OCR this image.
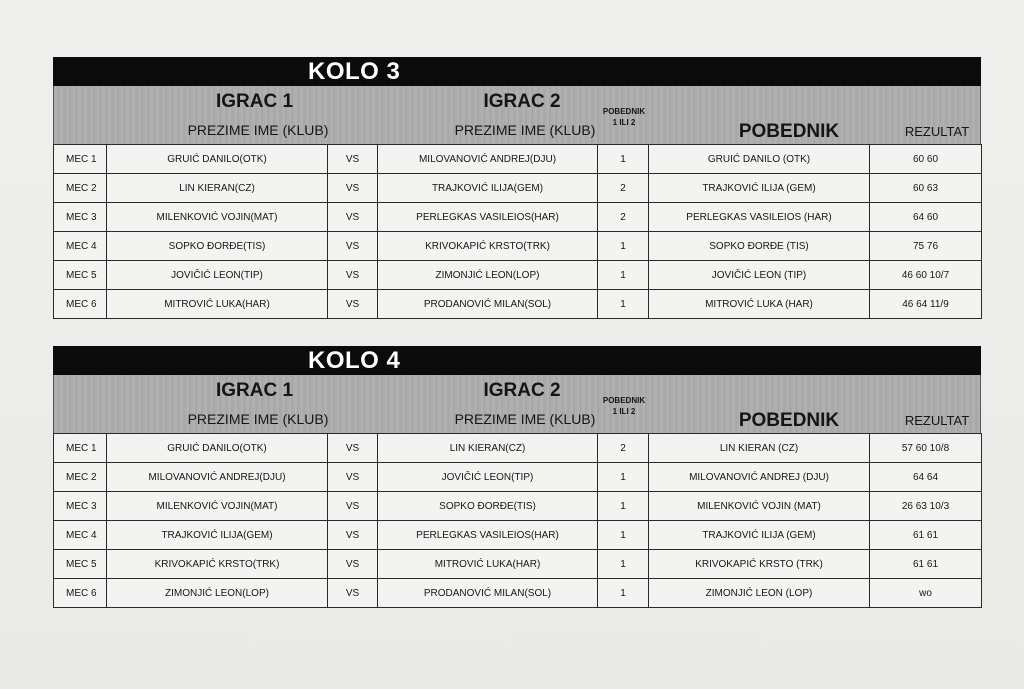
KOLO 3
IGRAC 1
PREZIME IME (KLUB)
IGRAC 2
PREZIME IME (KLUB)
POBEDNIK
1 ILI 2	POBEDNIK	REZULTAT
MEC 1	GRUIĆ DANILO(OTK)	VS	MILOVANOVIĆ ANDREJ(DJU)	1	GRUIĆ DANILO (OTK)	60 60
MEC 2	LIN KIERAN(CZ)	VS	TRAJKOVIĆ ILIJA(GEM)	2	TRAJKOVIĆ ILIJA (GEM)	60 63
MEC 3	MILENKOVIĆ VOJIN(MAT)	VS	PERLEGKAS VASILEIOS(HAR)	2	PERLEGKAS VASILEIOS (HAR)	64 60
MEC 4	SOPKO ĐORĐE(TIS)	VS	KRIVOKAPIĆ KRSTO(TRK)	1	SOPKO ĐORĐE (TIS)	75 76
MEC 5	JOVIČIĆ LEON(TIP)	VS	ZIMONJIĆ LEON(LOP)	1	JOVIČIĆ LEON (TIP)	46 60 10/7
MEC 6	MITROVIĆ LUKA(HAR)	VS	PRODANOVIĆ MILAN(SOL)	1	MITROVIĆ LUKA (HAR)	46 64 11/9
KOLO 4
IGRAC 1
PREZIME IME (KLUB)
IGRAC 2
PREZIME IME (KLUB)
POBEDNIK
1 ILI 2	POBEDNIK	REZULTAT
MEC 1	GRUIĆ DANILO(OTK)	VS	LIN KIERAN(CZ)	2	LIN KIERAN (CZ)	57 60 10/8
MEC 2	MILOVANOVIĆ ANDREJ(DJU)	VS	JOVIČIĆ LEON(TIP)	1	MILOVANOVIĆ ANDREJ (DJU)	64 64
MEC 3	MILENKOVIĆ VOJIN(MAT)	VS	SOPKO ĐORĐE(TIS)	1	MILENKOVIĆ VOJIN (MAT)	26 63 10/3
MEC 4	TRAJKOVIĆ ILIJA(GEM)	VS	PERLEGKAS VASILEIOS(HAR)	1	TRAJKOVIĆ ILIJA (GEM)	61 61
MEC 5	KRIVOKAPIĆ KRSTO(TRK)	VS	MITROVIĆ LUKA(HAR)	1	KRIVOKAPIĆ KRSTO (TRK)	61 61
MEC 6	ZIMONJIĆ LEON(LOP)	VS	PRODANOVIĆ MILAN(SOL)	1	ZIMONJIĆ LEON (LOP)	wo
